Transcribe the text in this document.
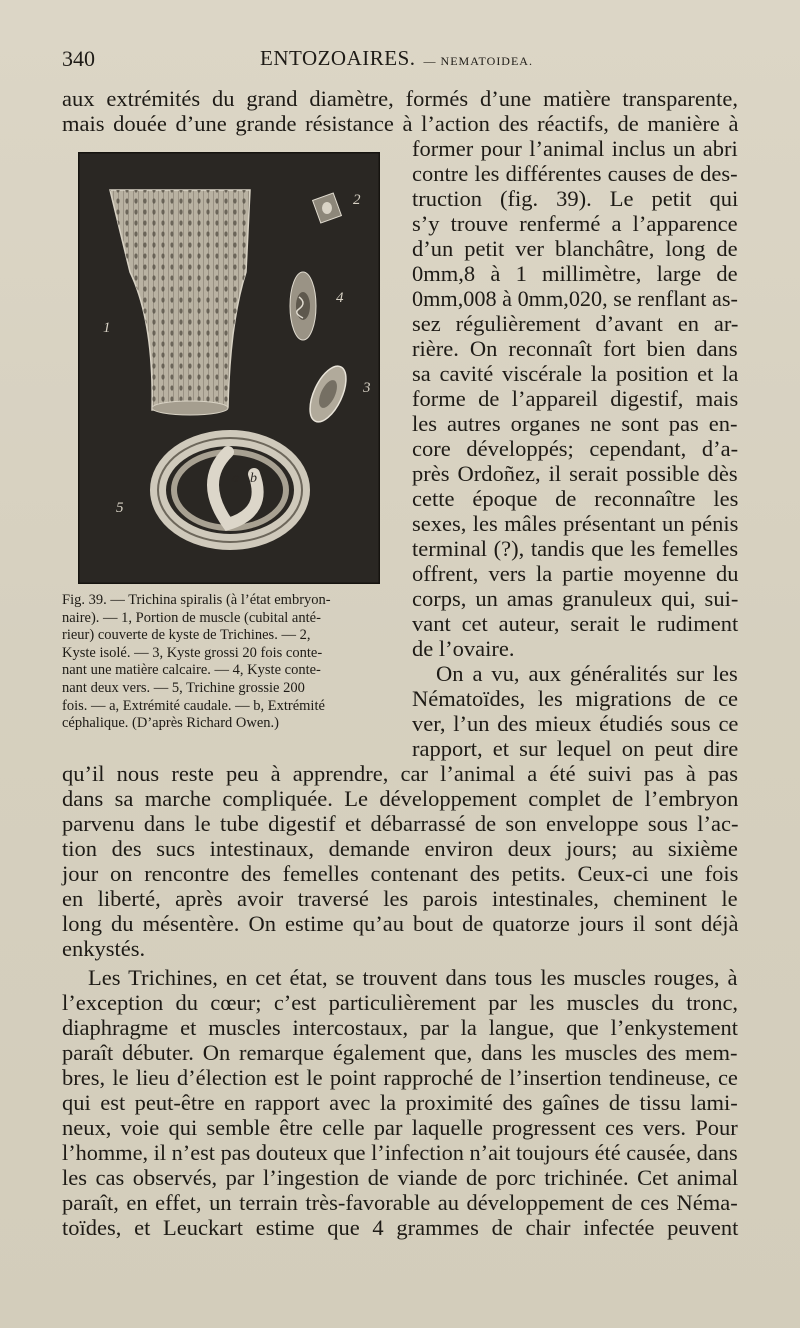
340	ENTOZOAIRES. — NEMATOIDEA.
1
2
3
4
5
a b
Fig. 39. — Trichina spiralis (à l’état embryon-
naire). — 1, Portion de muscle (cubital anté-
rieur) couverte de kyste de Trichines. — 2,
Kyste isolé. — 3, Kyste grossi 20 fois conte-
nant une matière calcaire. — 4, Kyste conte-
nant deux vers. — 5, Trichine grossie 200
fois. — a, Extrémité caudale. — b, Extrémité
céphalique. (D’après Richard Owen.)
aux extrémités du grand diamètre, formés d’une matière transparente,
mais douée d’une grande résistance à l’action des réactifs, de manière à
former pour l’animal inclus un abri
contre les différentes causes de des-
truction (fig. 39). Le petit qui
s’y trouve renfermé a l’apparence
d’un petit ver blanchâtre, long de
0mm,8 à 1 millimètre, large de
0mm,008 à 0mm,020, se renflant as-
sez régulièrement d’avant en ar-
rière. On reconnaît fort bien dans
sa cavité viscérale la position et la
forme de l’appareil digestif, mais
les autres organes ne sont pas en-
core développés; cependant, d’a-
près Ordoñez, il serait possible dès
cette époque de reconnaître les
sexes, les mâles présentant un pénis
terminal (?), tandis que les femelles
offrent, vers la partie moyenne du
corps, un amas granuleux qui, sui-
vant cet auteur, serait le rudiment
de l’ovaire.
On a vu, aux généralités sur les
Nématoïdes, les migrations de ce
ver, l’un des mieux étudiés sous ce
rapport, et sur lequel on peut dire
qu’il nous reste peu à apprendre, car l’animal a été suivi pas à pas
dans sa marche compliquée. Le développement complet de l’embryon
parvenu dans le tube digestif et débarrassé de son enveloppe sous l’ac-
tion des sucs intestinaux, demande environ deux jours; au sixième
jour on rencontre des femelles contenant des petits. Ceux-ci une fois
en liberté, après avoir traversé les parois intestinales, cheminent le
long du mésentère. On estime qu’au bout de quatorze jours il sont déjà
enkystés.
Les Trichines, en cet état, se trouvent dans tous les muscles rouges, à
l’exception du cœur; c’est particulièrement par les muscles du tronc,
diaphragme et muscles intercostaux, par la langue, que l’enkystement
paraît débuter. On remarque également que, dans les muscles des mem-
bres, le lieu d’élection est le point rapproché de l’insertion tendineuse, ce
qui est peut-être en rapport avec la proximité des gaînes de tissu lami-
neux, voie qui semble être celle par laquelle progressent ces vers. Pour
l’homme, il n’est pas douteux que l’infection n’ait toujours été causée, dans
les cas observés, par l’ingestion de viande de porc trichinée. Cet animal
paraît, en effet, un terrain très-favorable au développement de ces Néma-
toïdes, et Leuckart estime que 4 grammes de chair infectée peuvent
